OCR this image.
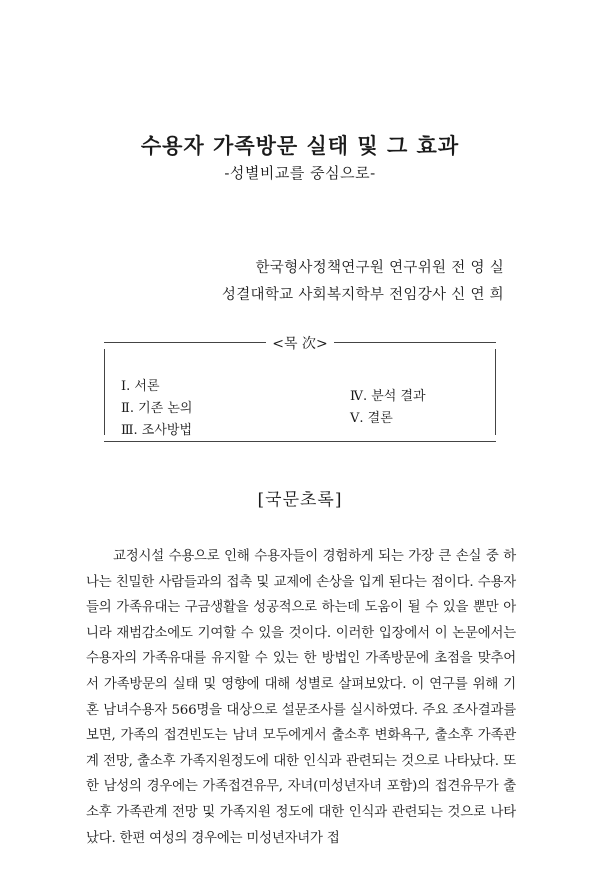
수용자 가족방문 실태 및 그 효과
-성별비교를 중심으로-
한국형사정책연구원 연구위원 전 영 실
성결대학교 사회복지학부 전임강사 신 연 희
<목 次>
Ⅰ. 서론
Ⅱ. 기존 논의
Ⅲ. 조사방법
Ⅳ. 분석 결과
Ⅴ. 결론
[국문초록]
교정시설 수용으로 인해 수용자들이 경험하게 되는 가장 큰 손실 중 하나는 친밀한 사람들과의 접촉 및 교제에 손상을 입게 된다는 점이다. 수용자들의 가족유대는 구금생활을 성공적으로 하는데 도움이 될 수 있을 뿐만 아니라 재범감소에도 기여할 수 있을 것이다. 이러한 입장에서 이 논문에서는 수용자의 가족유대를 유지할 수 있는 한 방법인 가족방문에 초점을 맞추어서 가족방문의 실태 및 영향에 대해 성별로 살펴보았다. 이 연구를 위해 기혼 남녀수용자 566명을 대상으로 설문조사를 실시하였다. 주요 조사결과를 보면, 가족의 접견빈도는 남녀 모두에게서 출소후 변화욕구, 출소후 가족관계 전망, 출소후 가족지원정도에 대한 인식과 관련되는 것으로 나타났다. 또한 남성의 경우에는 가족접견유무, 자녀(미성년자녀 포함)의 접견유무가 출소후 가족관계 전망 및 가족지원 정도에 대한 인식과 관련되는 것으로 나타났다. 한편 여성의 경우에는 미성년자녀가 접
